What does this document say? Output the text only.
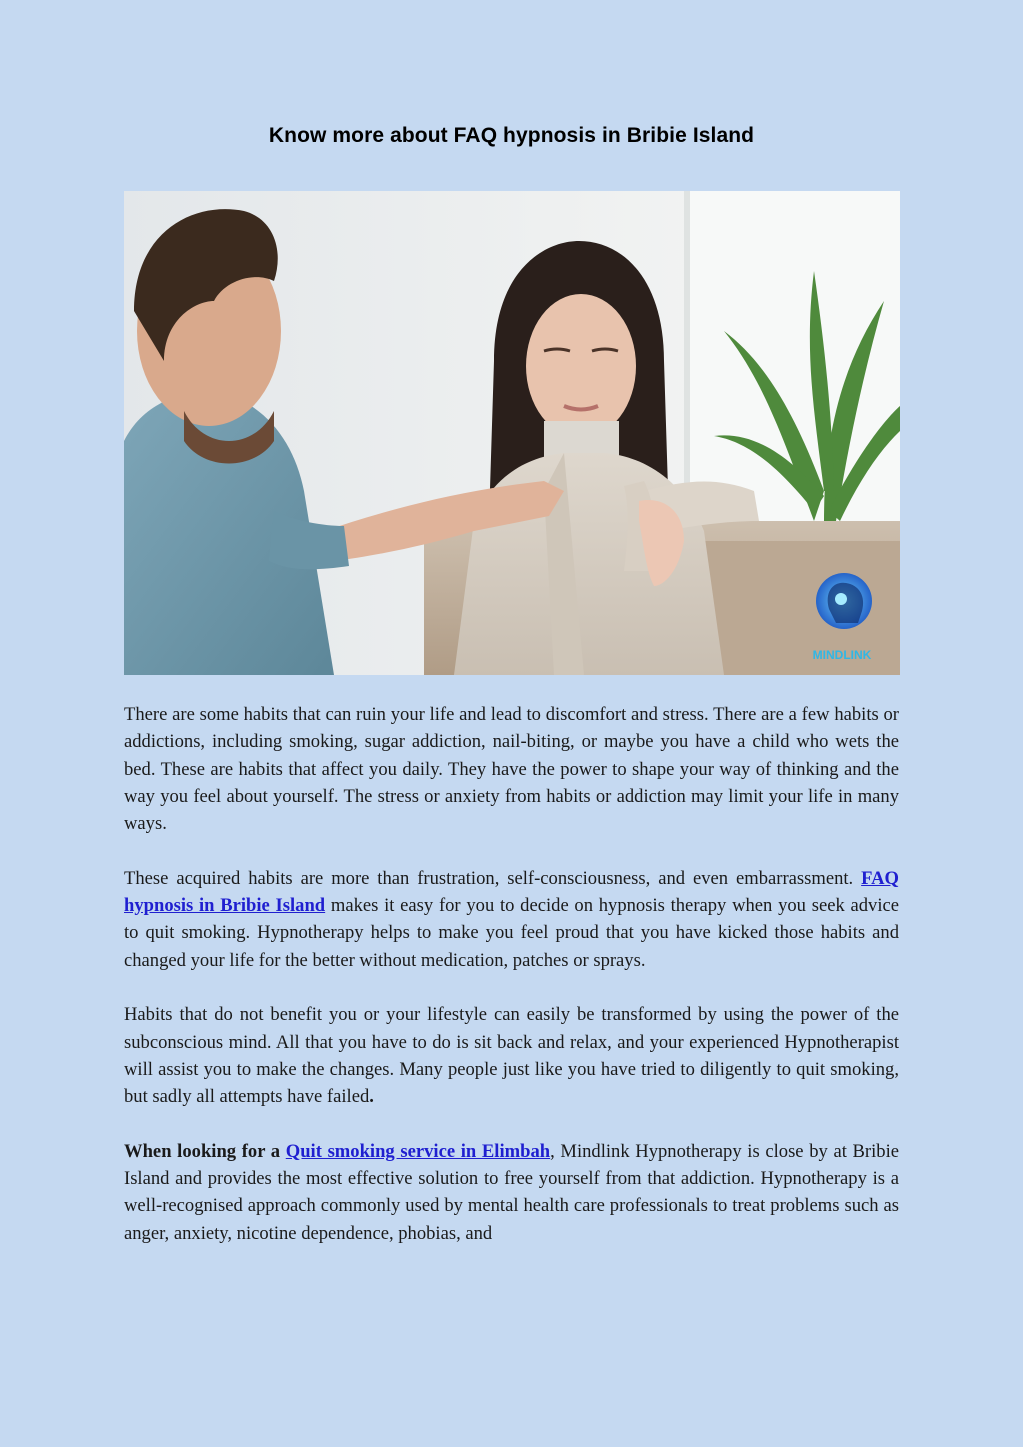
Know more about FAQ hypnosis in Bribie Island
MINDLINK

There are some habits that can ruin your life and lead to discomfort and stress. There are a few habits or addictions, including smoking, sugar addiction, nail-biting, or maybe you have a child who wets the bed. These are habits that affect you daily. They have the power to shape your way of thinking and the way you feel about yourself. The stress or anxiety from habits or addiction may limit your life in many ways.

These acquired habits are more than frustration, self-consciousness, and even embarrassment. FAQ hypnosis in Bribie Island makes it easy for you to decide on hypnosis therapy when you seek advice to quit smoking. Hypnotherapy helps to make you feel proud that you have kicked those habits and changed your life for the better without medication, patches or sprays.

Habits that do not benefit you or your lifestyle can easily be transformed by using the power of the subconscious mind. All that you have to do is sit back and relax, and your experienced Hypnotherapist will assist you to make the changes. Many people just like you have tried to diligently to quit smoking, but sadly all attempts have failed.

When looking for a Quit smoking service in Elimbah, Mindlink Hypnotherapy is close by at Bribie Island and provides the most effective solution to free yourself from that addiction. Hypnotherapy is a well-recognised approach commonly used by mental health care professionals to treat problems such as anger, anxiety, nicotine dependence, phobias, and
